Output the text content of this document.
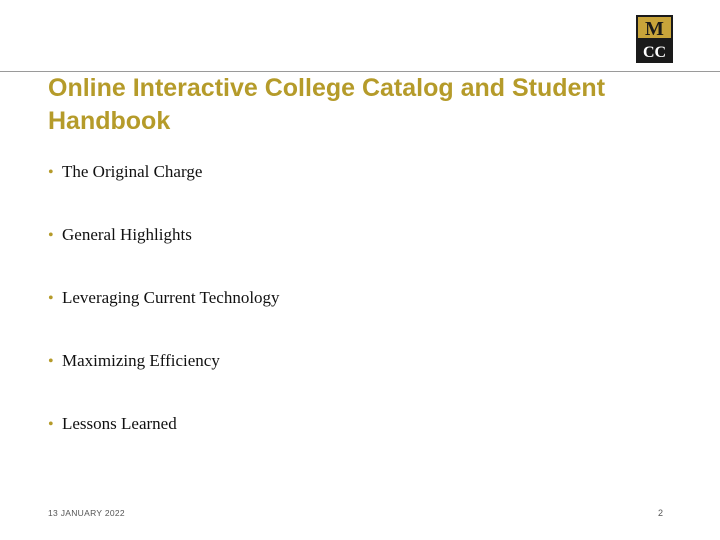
M
CC
Online Interactive College Catalog and Student Handbook
• The Original Charge
• General Highlights
• Leveraging Current Technology
• Maximizing Efficiency
• Lessons Learned
13 JANUARY 2022	2
